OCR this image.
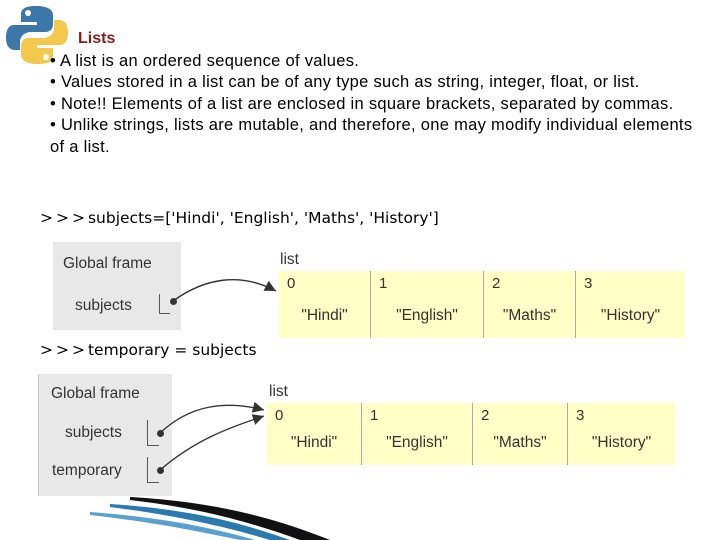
Lists

• A list is an ordered sequence of values.

• Values stored in a list can be of any type such as string, integer, float, or list.

• Note!! Elements of a list are enclosed in square brackets, separated by commas.

• Unlike strings, lists are mutable, and therefore, one may modify individual elements of a list.

>>>subjects=['Hindi', 'English', 'Maths', 'History']
Global frame
subjects
list
0
"Hindi"
1
"English"
2
"Maths"
3
"History"
>>>temporary = subjects
Global frame
subjects
temporary
list
0
"Hindi"
1
"English"
2
"Maths"
3
"History"
